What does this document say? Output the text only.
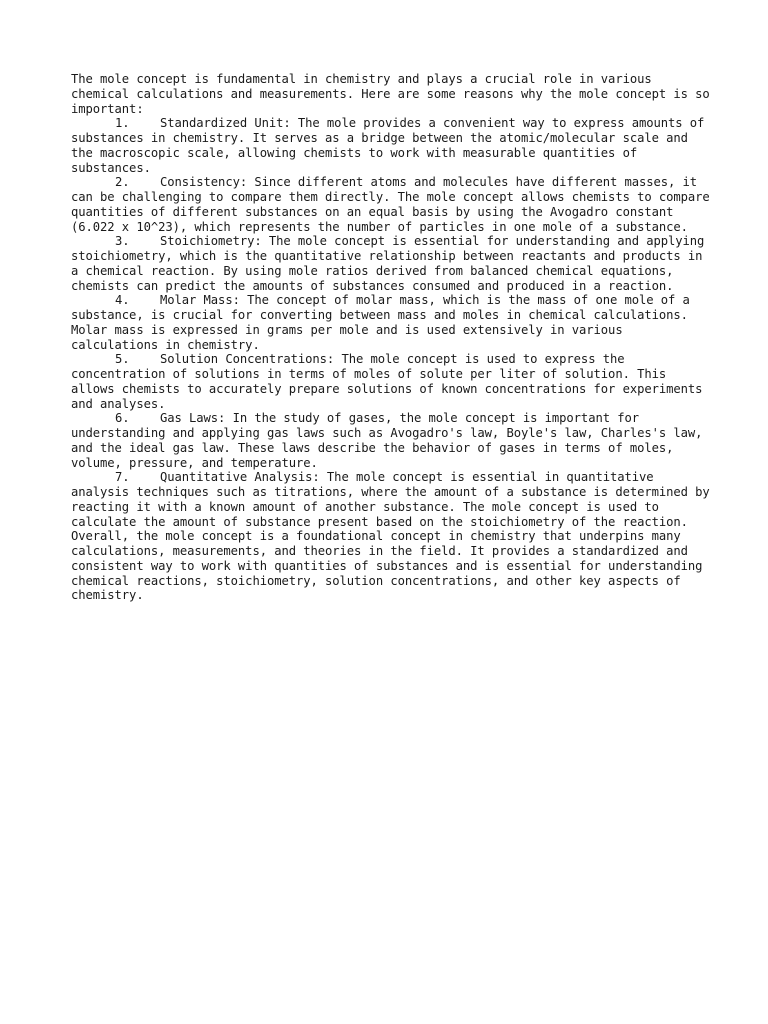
The mole concept is fundamental in chemistry and plays a crucial role in various chemical calculations and measurements. Here are some reasons why the mole concept is so important:

1. Standardized Unit: The mole provides a convenient way to express amounts of substances in chemistry. It serves as a bridge between the atomic/molecular scale and the macroscopic scale, allowing chemists to work with measurable quantities of substances.

2. Consistency: Since different atoms and molecules have different masses, it can be challenging to compare them directly. The mole concept allows chemists to compare quantities of different substances on an equal basis by using the Avogadro constant (6.022 x 10^23), which represents the number of particles in one mole of a substance.

3. Stoichiometry: The mole concept is essential for understanding and applying stoichiometry, which is the quantitative relationship between reactants and products in a chemical reaction. By using mole ratios derived from balanced chemical equations, chemists can predict the amounts of substances consumed and produced in a reaction.

4. Molar Mass: The concept of molar mass, which is the mass of one mole of a substance, is crucial for converting between mass and moles in chemical calculations. Molar mass is expressed in grams per mole and is used extensively in various calculations in chemistry.

5. Solution Concentrations: The mole concept is used to express the concentration of solutions in terms of moles of solute per liter of solution. This allows chemists to accurately prepare solutions of known concentrations for experiments and analyses.

6. Gas Laws: In the study of gases, the mole concept is important for understanding and applying gas laws such as Avogadro's law, Boyle's law, Charles's law, and the ideal gas law. These laws describe the behavior of gases in terms of moles, volume, pressure, and temperature.

7. Quantitative Analysis: The mole concept is essential in quantitative analysis techniques such as titrations, where the amount of a substance is determined by reacting it with a known amount of another substance. The mole concept is used to calculate the amount of substance present based on the stoichiometry of the reaction.

Overall, the mole concept is a foundational concept in chemistry that underpins many calculations, measurements, and theories in the field. It provides a standardized and consistent way to work with quantities of substances and is essential for understanding chemical reactions, stoichiometry, solution concentrations, and other key aspects of chemistry.
